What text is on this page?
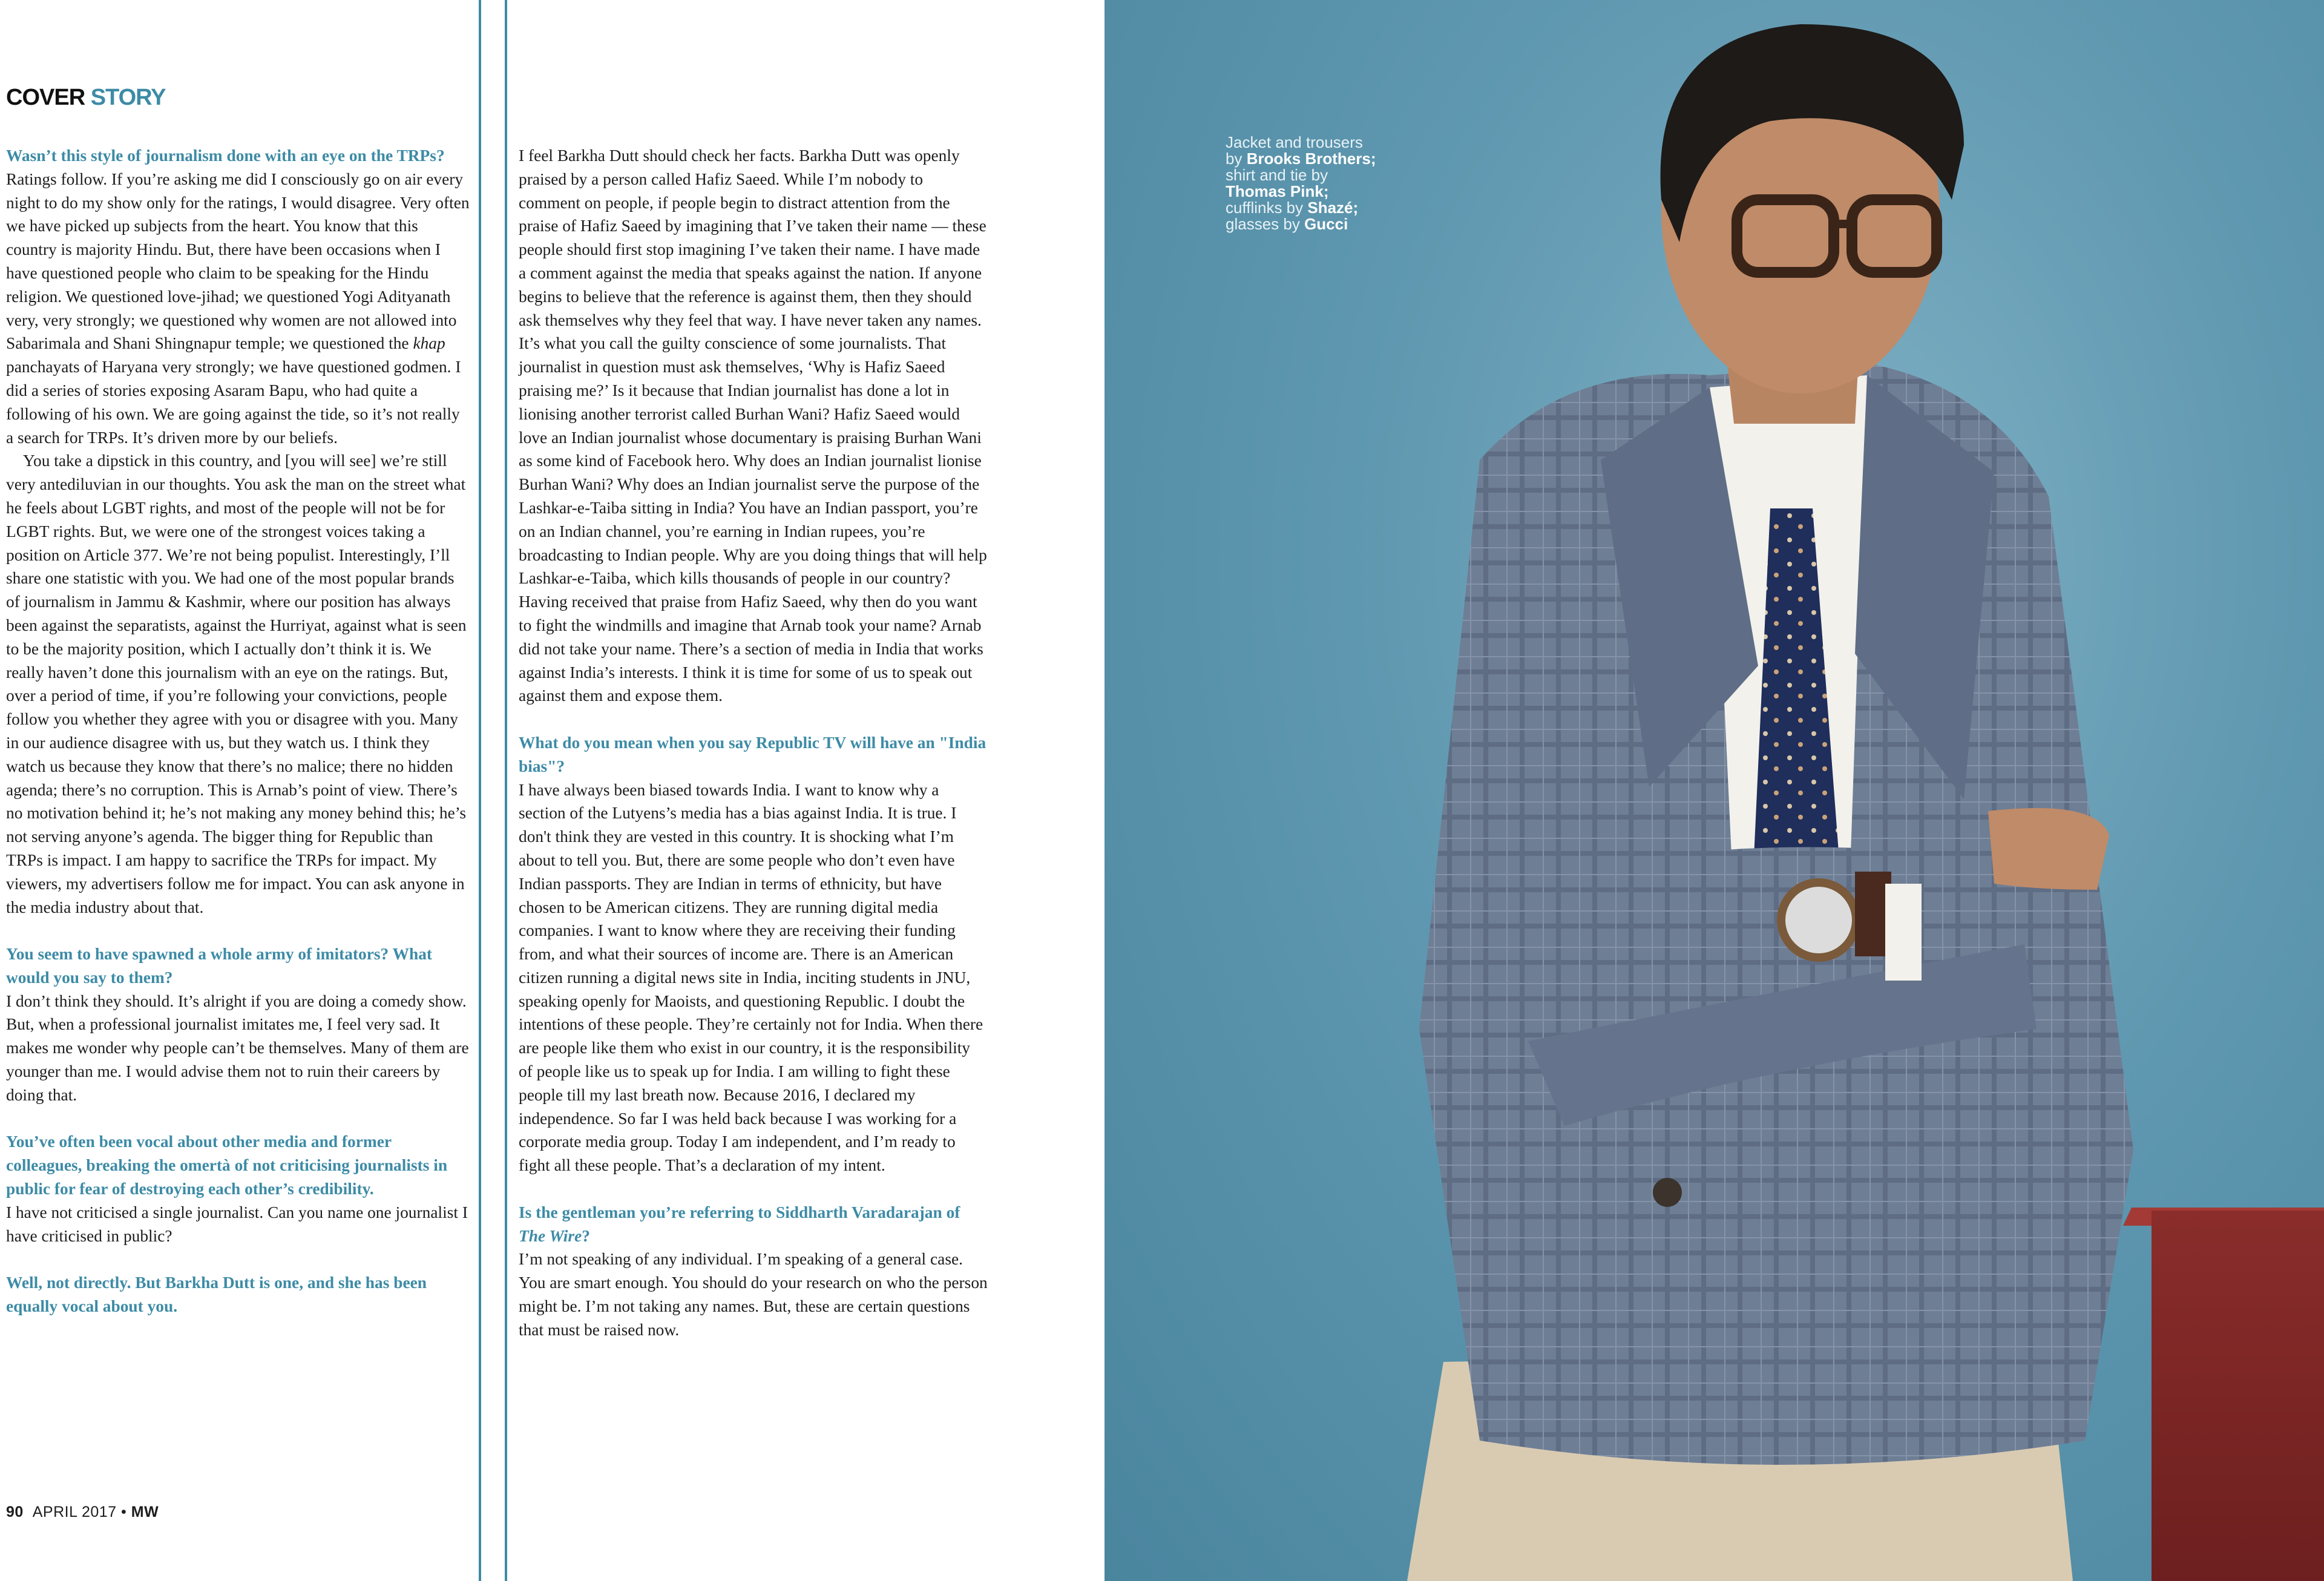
COVER STORY

Wasn’t this style of journalism done with an eye on the TRPs?

Ratings follow. If you’re asking me did I consciously go on air every night to do my show only for the ratings, I would disagree. Very often we have picked up subjects from the heart. You know that this country is majority Hindu. But, there have been occasions when I have questioned people who claim to be speaking for the Hindu religion. We questioned love-jihad; we questioned Yogi Adityanath very, very strongly; we questioned why women are not allowed into Sabarimala and Shani Shingnapur temple; we questioned the khap panchayats of Haryana very strongly; we have questioned godmen. I did a series of stories exposing Asaram Bapu, who had quite a following of his own. We are going against the tide, so it’s not really a search for TRPs. It’s driven more by our beliefs.

You take a dipstick in this country, and [you will see] we’re still very antediluvian in our thoughts. You ask the man on the street what he feels about LGBT rights, and most of the people will not be for LGBT rights. But, we were one of the strongest voices taking a position on Article 377. We’re not being populist. Interestingly, I’ll share one statistic with you. We had one of the most popular brands of journalism in Jammu & Kashmir, where our position has always been against the separatists, against the Hurriyat, against what is seen to be the majority position, which I actually don’t think it is. We really haven’t done this journalism with an eye on the ratings. But, over a period of time, if you’re following your convictions, people follow you whether they agree with you or disagree with you. Many in our audience disagree with us, but they watch us. I think they watch us because they know that there’s no malice; there no hidden agenda; there’s no corruption. This is Arnab’s point of view. There’s no motivation behind it; he’s not making any money behind this; he’s not serving anyone’s agenda. The bigger thing for Republic than TRPs is impact. I am happy to sacrifice the TRPs for impact. My viewers, my advertisers follow me for impact. You can ask anyone in the media industry about that.

You seem to have spawned a whole army of imitators? What would you say to them?

I don’t think they should. It’s alright if you are doing a comedy show. But, when a professional journalist imitates me, I feel very sad. It makes me wonder why people can’t be themselves. Many of them are younger than me. I would advise them not to ruin their careers by doing that.

You’ve often been vocal about other media and former colleagues, breaking the omertà of not criticising journalists in public for fear of destroying each other’s credibility.

I have not criticised a single journalist. Can you name one journalist I have criticised in public?

Well, not directly. But Barkha Dutt is one, and she has been equally vocal about you.

I feel Barkha Dutt should check her facts. Barkha Dutt was openly praised by a person called Hafiz Saeed. While I’m nobody to comment on people, if people begin to distract attention from the praise of Hafiz Saeed by imagining that I’ve taken their name — these people should first stop imagining I’ve taken their name. I have made a comment against the media that speaks against the nation. If anyone begins to believe that the reference is against them, then they should ask themselves why they feel that way. I have never taken any names. It’s what you call the guilty conscience of some journalists. That journalist in question must ask themselves, ‘Why is Hafiz Saeed praising me?’ Is it because that Indian journalist has done a lot in lionising another terrorist called Burhan Wani? Hafiz Saeed would love an Indian journalist whose documentary is praising Burhan Wani as some kind of Facebook hero. Why does an Indian journalist lionise Burhan Wani? Why does an Indian journalist serve the purpose of the Lashkar-e-Taiba sitting in India? You have an Indian passport, you’re on an Indian channel, you’re earning in Indian rupees, you’re broadcasting to Indian people. Why are you doing things that will help Lashkar-e-Taiba, which kills thousands of people in our country? Having received that praise from Hafiz Saeed, why then do you want to fight the windmills and imagine that Arnab took your name? Arnab did not take your name. There’s a section of media in India that works against India’s interests. I think it is time for some of us to speak out against them and expose them.

What do you mean when you say Republic TV will have an "India bias"?

I have always been biased towards India. I want to know why a section of the Lutyens’s media has a bias against India. It is true. I don't think they are vested in this country. It is shocking what I’m about to tell you. But, there are some people who don’t even have Indian passports. They are Indian in terms of ethnicity, but have chosen to be American citizens. They are running digital media companies. I want to know where they are receiving their funding from, and what their sources of income are. There is an American citizen running a digital news site in India, inciting students in JNU, speaking openly for Maoists, and questioning Republic. I doubt the intentions of these people. They’re certainly not for India. When there are people like them who exist in our country, it is the responsibility of people like us to speak up for India. I am willing to fight these people till my last breath now. Because 2016, I declared my independence. So far I was held back because I was working for a corporate media group. Today I am independent, and I’m ready to fight all these people. That’s a declaration of my intent.

Is the gentleman you’re referring to Siddharth Varadarajan of The Wire?

I’m not speaking of any individual. I’m speaking of a general case. You are smart enough. You should do your research on who the person might be. I’m not taking any names. But, these are certain questions that must be raised now.

90 APRIL 2017 • MW
Jacket and trousers by Brooks Brothers; shirt and tie by Thomas Pink; cufflinks by Shazé; glasses by Gucci
